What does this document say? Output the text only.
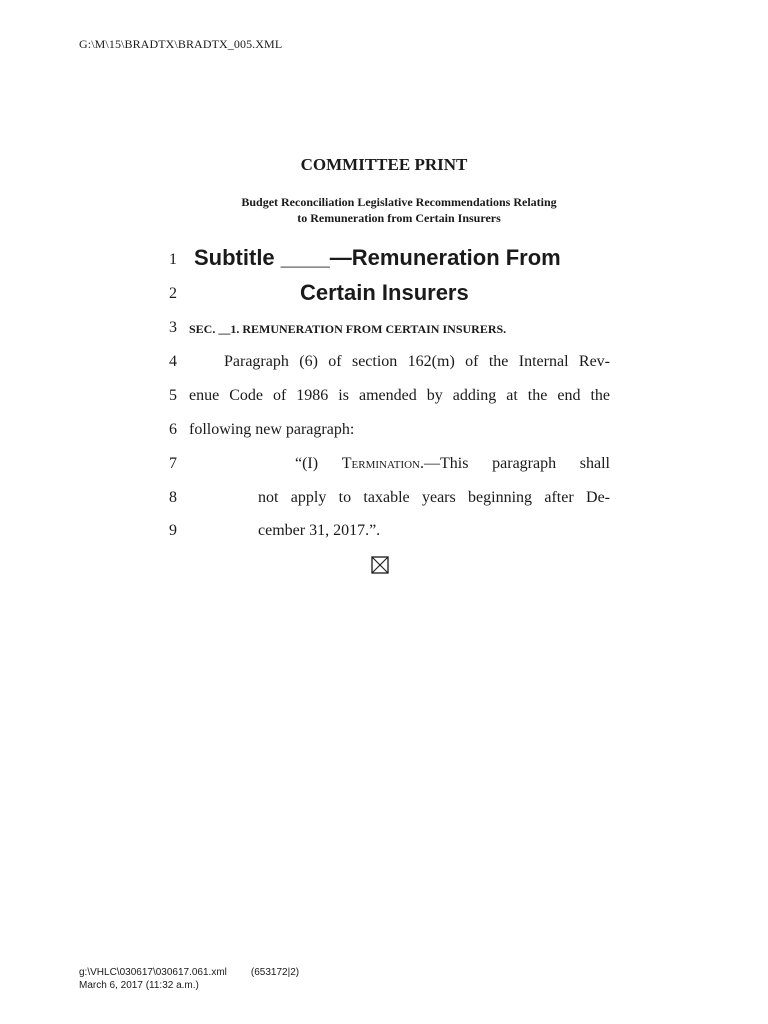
G:\M\15\BRADTX\BRADTX_005.XML
COMMITTEE PRINT
Budget Reconciliation Legislative Recommendations Relating
to Remuneration from Certain Insurers
1
2
3
4
5
6
7
8
9
Subtitle ____—Remuneration From
Certain Insurers
SEC. __1. REMUNERATION FROM CERTAIN INSURERS.
Paragraph (6) of section 162(m) of the Internal Rev-
enue Code of 1986 is amended by adding at the end the
following new paragraph:
“(I) Termination.—This paragraph shall
not apply to taxable years beginning after De-
cember 31, 2017.”.
g:\VHLC\030617\030617.061.xml (653172|2)
March 6, 2017 (11:32 a.m.)
